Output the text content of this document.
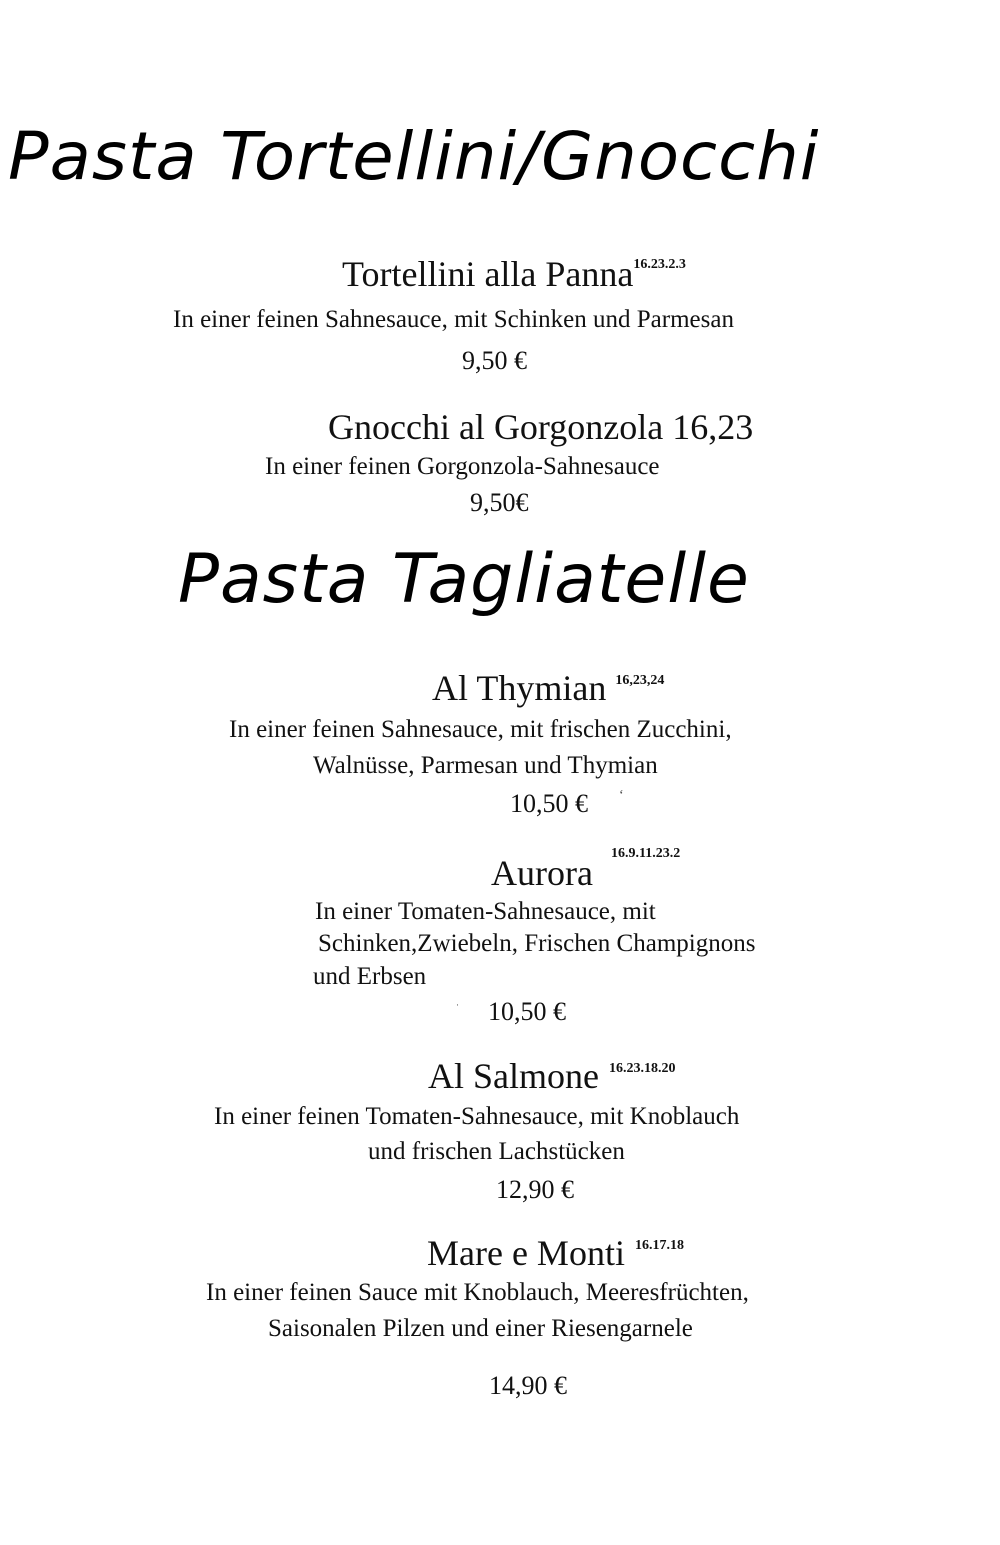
Pasta Tortellini/Gnocchi
Tortellini alla Panna$^{16.23.2.3}$
In einer feinen Sahnesauce, mit Schinken und Parmesan
9,50 €
Gnocchi al Gorgonzola 16,23
In einer feinen Gorgonzola-Sahnesauce
9,50€
Pasta Tagliatelle
Al Thymian $^{16,23,24}$
In einer feinen Sahnesauce, mit frischen Zucchini,
Walnüsse, Parmesan und Thymian
10,50 € ‘
16.9.11.23.2
Aurora
In einer Tomaten-Sahnesauce, mit
Schinken,Zwiebeln, Frischen Champignons
und Erbsen
10,50 €
·
Al Salmone $^{16.23.18.20}$
In einer feinen Tomaten-Sahnesauce, mit Knoblauch
und frischen Lachstücken
12,90 €
Mare e Monti $^{16.17.18}$
In einer feinen Sauce mit Knoblauch, Meeresfrüchten,
Saisonalen Pilzen und einer Riesengarnele
14,90 €
